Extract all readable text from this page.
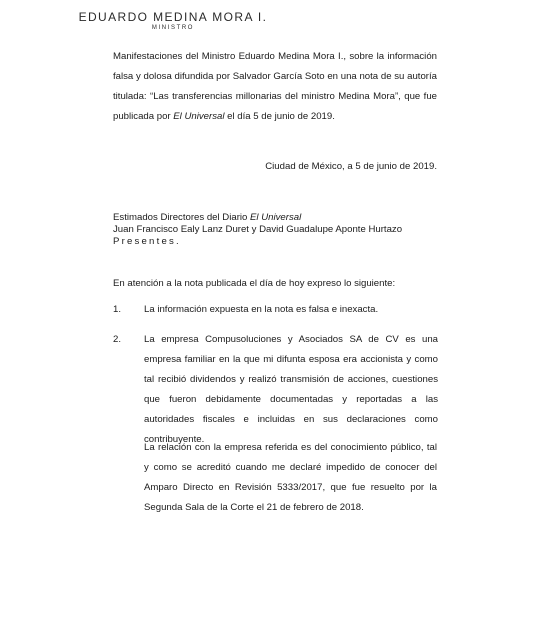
EDUARDO MEDINA MORA I.
MINISTRO
Manifestaciones del Ministro Eduardo Medina Mora I., sobre la información falsa y dolosa difundida por Salvador García Soto en una nota de su autoría titulada: “Las transferencias millonarias del ministro Medina Mora”, que fue publicada por El Universal el día 5 de junio de 2019.
Ciudad de México, a 5 de junio de 2019.
Estimados Directores del Diario El Universal
Juan Francisco Ealy Lanz Duret y David Guadalupe Aponte Hurtazo
Presentes.
En atención a la nota publicada el día de hoy expreso lo siguiente:
1. La información expuesta en la nota es falsa e inexacta.
2. La empresa Compusoluciones y Asociados SA de CV es una empresa familiar en la que mi difunta esposa era accionista y como tal recibió dividendos y realizó transmisión de acciones, cuestiones que fueron debidamente documentadas y reportadas a las autoridades fiscales e incluidas en sus declaraciones como contribuyente.
La relación con la empresa referida es del conocimiento público, tal y como se acreditó cuando me declaré impedido de conocer del Amparo Directo en Revisión 5333/2017, que fue resuelto por la Segunda Sala de la Corte el 21 de febrero de 2018.
